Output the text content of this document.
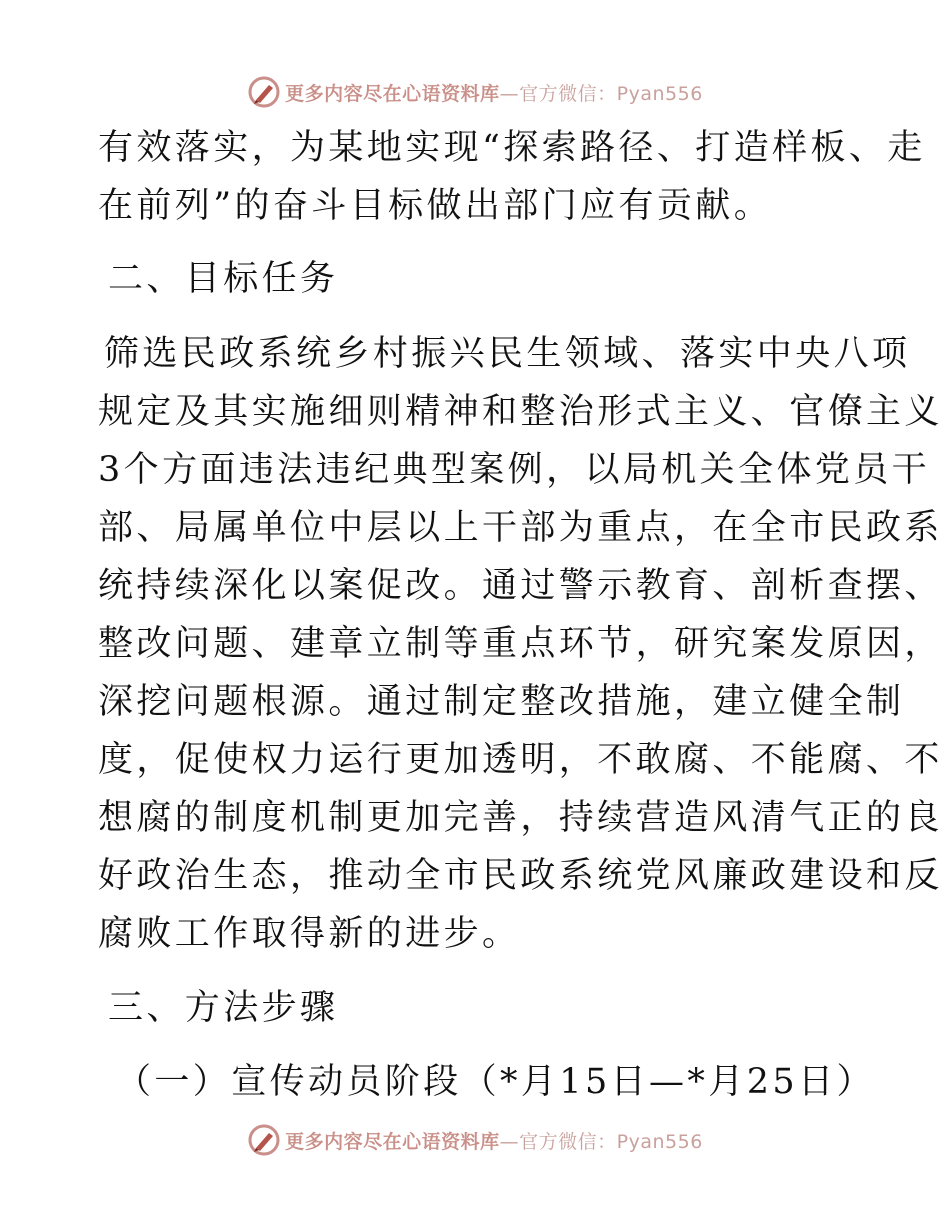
更多内容尽在心语资料库—官方微信：Pyan556
有效落实，为某地实现“探索路径、打造样板、走
在前列”的奋斗目标做出部门应有贡献。
二、目标任务
筛选民政系统乡村振兴民生领域、落实中央八项
规定及其实施细则精神和整治形式主义、官僚主义
3个方面违法违纪典型案例，以局机关全体党员干
部、局属单位中层以上干部为重点，在全市民政系
统持续深化以案促改。通过警示教育、剖析查摆、
整改问题、建章立制等重点环节，研究案发原因，
深挖问题根源。通过制定整改措施，建立健全制
度，促使权力运行更加透明，不敢腐、不能腐、不
想腐的制度机制更加完善，持续营造风清气正的良
好政治生态，推动全市民政系统党风廉政建设和反
腐败工作取得新的进步。
三、方法步骤
（一）宣传动员阶段（*月15日—*月25日）
更多内容尽在心语资料库—官方微信：Pyan556
